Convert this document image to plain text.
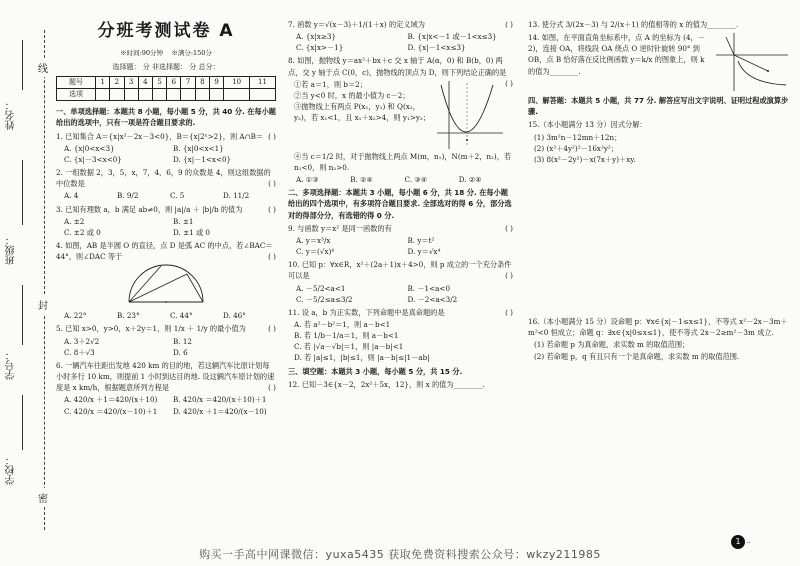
姓名：
班级：
学号：
学校：
线
封
密
分班考测试卷 A
※时间:90分钟 ※满分:150分
选择题： 分 非选择题： 分 总分：
题号	1	2	3	4	5	6	7	8	9	10	11
选项											
一、单项选择题：本题共 8 小题，每小题 5 分，共 40 分. 在每小题给出的选项中，只有一项是符合题目要求的.
1. 已知集合 A＝{x|x²－2x－3<0}，B＝{x|2ˣ>2}，则 A∩B＝ ( )
A. {x|0<x<3}	B. {x|0<x<1}
C. {x|－3<x<0}	D. {x|－1<x<0}
2. 一组数据 2，3，5，x，7，4，6，9 的众数是 4，则这组数据的中位数是	( )
A. 4	B. 9/2	C. 5	D. 11/2
3. 已知有理数 a，b 满足 ab≠0，则 |a|/a ＋ |b|/b 的值为	( )
A. ±2	B. ±1
C. ±2 或 0	D. ±1 或 0
4. 如图，AB 是半圆 O 的直径，点 D 是弧 AC 的中点，若∠BAC＝44°，则∠DAC 等于	( )
A. 22°	B. 23°	C. 44°	D. 46°
5. 已知 x>0，y>0，x＋2y＝1，则 1/x ＋ 1/y 的最小值为	( )
A. 3＋2√2	B. 12
C. 8＋√3	D. 6
6. 一辆汽车往距出发地 420 km 的目的地，若这辆汽车比原计划每小时多行 10 km，则提前 1 小时到达目的地. 设这辆汽车原计划的速度是 x km/h，根据题意所列方程是	( )
A. 420/x ＋1＝420/(x＋10)	B. 420/x ＝420/(x＋10)＋1
C. 420/x ＝420/(x－10)＋1	D. 420/x ＋1＝420/(x－10)
7. 函数 y＝√(x－3)＋1/(1＋x) 的定义域为	( )
A. {x|x≥3}	B. {x|x<－1 或－1<x≤3}
C. {x|x>－1}	D. {x|－1<x≤3}
8. 如图，抛物线 y＝ax²＋bx＋c 交 x 轴于 A(α，0) 和 B(b，0) 两点，交 y 轴于点 C(0，c)，抛物线的顶点为 D，则下列结论正确的是
( )
①若 a＝1，则 b＝2；
②当 y<0 时，x 的最小值为 c－2；
③抛物线上有两点 P(x₁，y₁) 和 Q(x₂，y₂)，若 x₁<1，且 x₁＋x₂>4，则 y₁>y₂；
④当 c＝1/2 时，对于抛物线上两点 M(m，n₁)，N(m＋2，n₂)，若 n₁<0，则 n₂>0.
A. ①③	B. ②④	C. ③④	D. ②④
二、多项选择题：本题共 3 小题，每小题 6 分，共 18 分. 在每小题给出的四个选项中，有多项符合题目要求. 全部选对的得 6 分，部分选对的得部分分，有选错的得 0 分.
9. 与函数 y＝x² 是同一函数的有	( )
A. y＝x³/x	B. y＝t²
C. y＝(√x)⁴	D. y＝√x⁴
10. 已知 p：∀x∈R，x²＋(2a＋1)x＋4>0，则 p 成立的一个充分条件可以是	( )
A. －5/2<a<1	B. －1<a<0
C. －5/2≤a≤3/2	D. －2<a<3/2
11. 设 a，b 为正实数，下列命题中是真命题的是	( )
A. 若 a²－b²＝1，则 a－b<1
B. 若 1/b－1/a＝1，则 a－b<1
C. 若 |√a－√b|＝1，则 |a－b|<1
D. 若 |a|≤1，|b|≤1，则 |a－b|≤|1－ab|
三、填空题：本题共 3 小题，每小题 5 分，共 15 分.
12. 已知－3∈{x－2，2x²＋5x，12}，则 x 的值为________.
13. 使分式 3/(2x－3) 与 2/(x＋1) 的值相等的 x 的值为________.
14. 如图，在平面直角坐标系中，点 A 的坐标为 (4，－2)，连接 OA，将线段 OA 绕点 O 逆时针旋转 90° 到 OB，点 B 恰好落在反比例函数 y＝k/x 的图象上，则 k 的值为________.
四、解答题：本题共 5 小题，共 77 分. 解答应写出文字说明、证明过程或演算步骤.
15.（本小题满分 13 分）因式分解：
(1) 3m²n－12mn＋12n；
(2) (x²＋4y²)²－16x²y²；
(3) 8(x²－2y²)－x(7x＋y)＋xy.
16.（本小题满分 15 分）设命题 p：∀x∈{x|－1≤x≤1}，不等式 x²－2x－3m＋m²<0 恒成立；命题 q：∃x∈{x|0≤x≤1}，使不等式 2x－2≥m²－3m 成立.
(1) 若命题 p 为真命题，求实数 m 的取值范围；
(2) 若命题 p，q 有且只有一个是真命题，求实数 m 的取值范围.
1 ··
购买一手高中网课微信：yuxa5435 获取免费资料搜索公众号：wkzy211985
